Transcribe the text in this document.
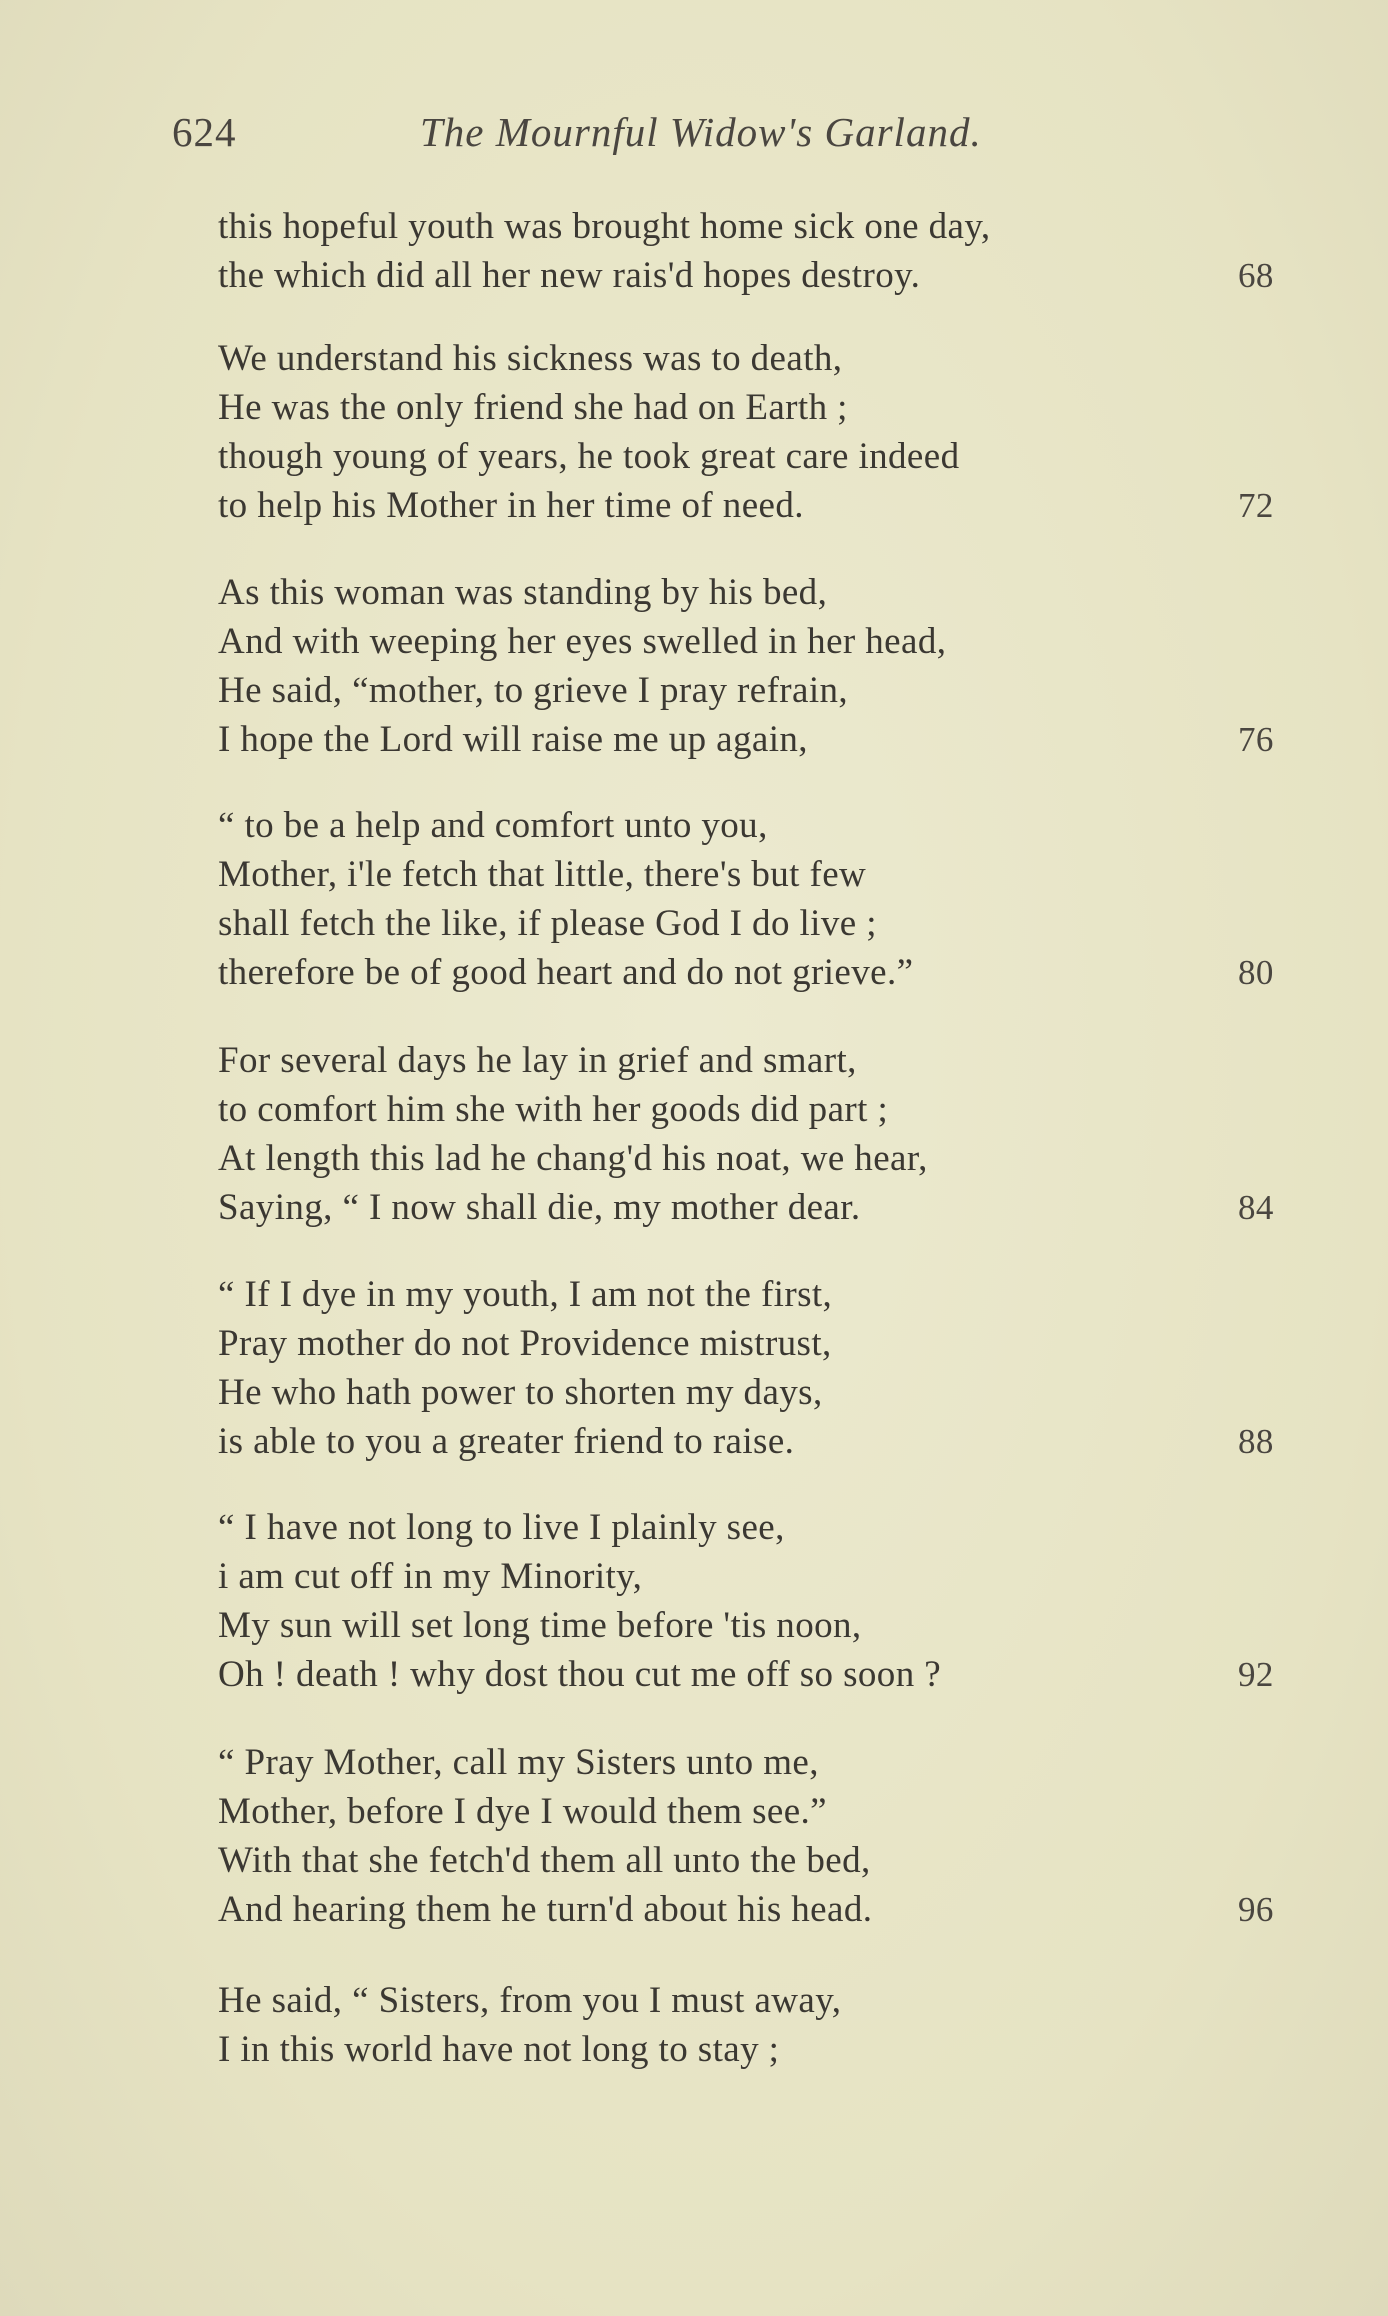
624	The Mournful Widow's Garland.
this hopeful youth was brought home sick one day,
the which did all her new rais'd hopes destroy.	68
We understand his sickness was to death,
He was the only friend she had on Earth ;
though young of years, he took great care indeed
to help his Mother in her time of need.	72
As this woman was standing by his bed,
And with weeping her eyes swelled in her head,
He said, “mother, to grieve I pray refrain,
I hope the Lord will raise me up again,	76
“ to be a help and comfort unto you,
Mother, i'le fetch that little, there's but few
shall fetch the like, if please God I do live ;
therefore be of good heart and do not grieve.”	80
For several days he lay in grief and smart,
to comfort him she with her goods did part ;
At length this lad he chang'd his noat, we hear,
Saying, “ I now shall die, my mother dear.	84
“ If I dye in my youth, I am not the first,
Pray mother do not Providence mistrust,
He who hath power to shorten my days,
is able to you a greater friend to raise.	88
“ I have not long to live I plainly see,
i am cut off in my Minority,
My sun will set long time before 'tis noon,
Oh ! death ! why dost thou cut me off so soon ?	92
“ Pray Mother, call my Sisters unto me,
Mother, before I dye I would them see.”
With that she fetch'd them all unto the bed,
And hearing them he turn'd about his head.	96
He said, “ Sisters, from you I must away,
I in this world have not long to stay ;
